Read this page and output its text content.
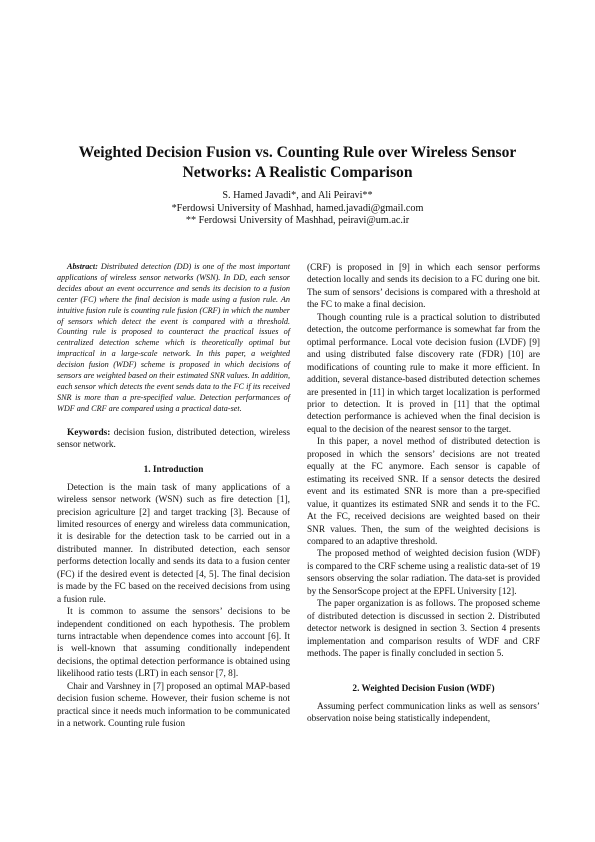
Weighted Decision Fusion vs. Counting Rule over Wireless Sensor Networks: A Realistic Comparison
S. Hamed Javadi*, and Ali Peiravi**
*Ferdowsi University of Mashhad, hamed.javadi@gmail.com
** Ferdowsi University of Mashhad, peiravi@um.ac.ir

Abstract: Distributed detection (DD) is one of the most important applications of wireless sensor networks (WSN). In DD, each sensor decides about an event occurrence and sends its decision to a fusion center (FC) where the final decision is made using a fusion rule. An intuitive fusion rule is counting rule fusion (CRF) in which the number of sensors which detect the event is compared with a threshold. Counting rule is proposed to counteract the practical issues of centralized detection scheme which is theoretically optimal but impractical in a large-scale network. In this paper, a weighted decision fusion (WDF) scheme is proposed in which decisions of sensors are weighted based on their estimated SNR values. In addition, each sensor which detects the event sends data to the FC if its received SNR is more than a pre-specified value. Detection performances of WDF and CRF are compared using a practical data-set.

Keywords: decision fusion, distributed detection, wireless sensor network.

1. Introduction

Detection is the main task of many applications of a wireless sensor network (WSN) such as fire detection [1], precision agriculture [2] and target tracking [3]. Because of limited resources of energy and wireless data communication, it is desirable for the detection task to be carried out in a distributed manner. In distributed detection, each sensor performs detection locally and sends its data to a fusion center (FC) if the desired event is detected [4, 5]. The final decision is made by the FC based on the received decisions from using a fusion rule.

It is common to assume the sensors’ decisions to be independent conditioned on each hypothesis. The problem turns intractable when dependence comes into account [6]. It is well-known that assuming conditionally independent decisions, the optimal detection performance is obtained using likelihood ratio tests (LRT) in each sensor [7, 8].

Chair and Varshney in [7] proposed an optimal MAP-based decision fusion scheme. However, their fusion scheme is not practical since it needs much information to be communicated in a network. Counting rule fusion

(CRF) is proposed in [9] in which each sensor performs detection locally and sends its decision to a FC during one bit. The sum of sensors’ decisions is compared with a threshold at the FC to make a final decision.

Though counting rule is a practical solution to distributed detection, the outcome performance is somewhat far from the optimal performance. Local vote decision fusion (LVDF) [9] and using distributed false discovery rate (FDR) [10] are modifications of counting rule to make it more efficient. In addition, several distance-based distributed detection schemes are presented in [11] in which target localization is performed prior to detection. It is proved in [11] that the optimal detection performance is achieved when the final decision is equal to the decision of the nearest sensor to the target.

In this paper, a novel method of distributed detection is proposed in which the sensors’ decisions are not treated equally at the FC anymore. Each sensor is capable of estimating its received SNR. If a sensor detects the desired event and its estimated SNR is more than a pre-specified value, it quantizes its estimated SNR and sends it to the FC. At the FC, received decisions are weighted based on their SNR values. Then, the sum of the weighted decisions is compared to an adaptive threshold.

The proposed method of weighted decision fusion (WDF) is compared to the CRF scheme using a realistic data-set of 19 sensors observing the solar radiation. The data-set is provided by the SensorScope project at the EPFL University [12].

The paper organization is as follows. The proposed scheme of distributed detection is discussed in section 2. Distributed detector network is designed in section 3. Section 4 presents implementation and comparison results of WDF and CRF methods. The paper is finally concluded in section 5.

2. Weighted Decision Fusion (WDF)

Assuming perfect communication links as well as sensors’ observation noise being statistically independent,
